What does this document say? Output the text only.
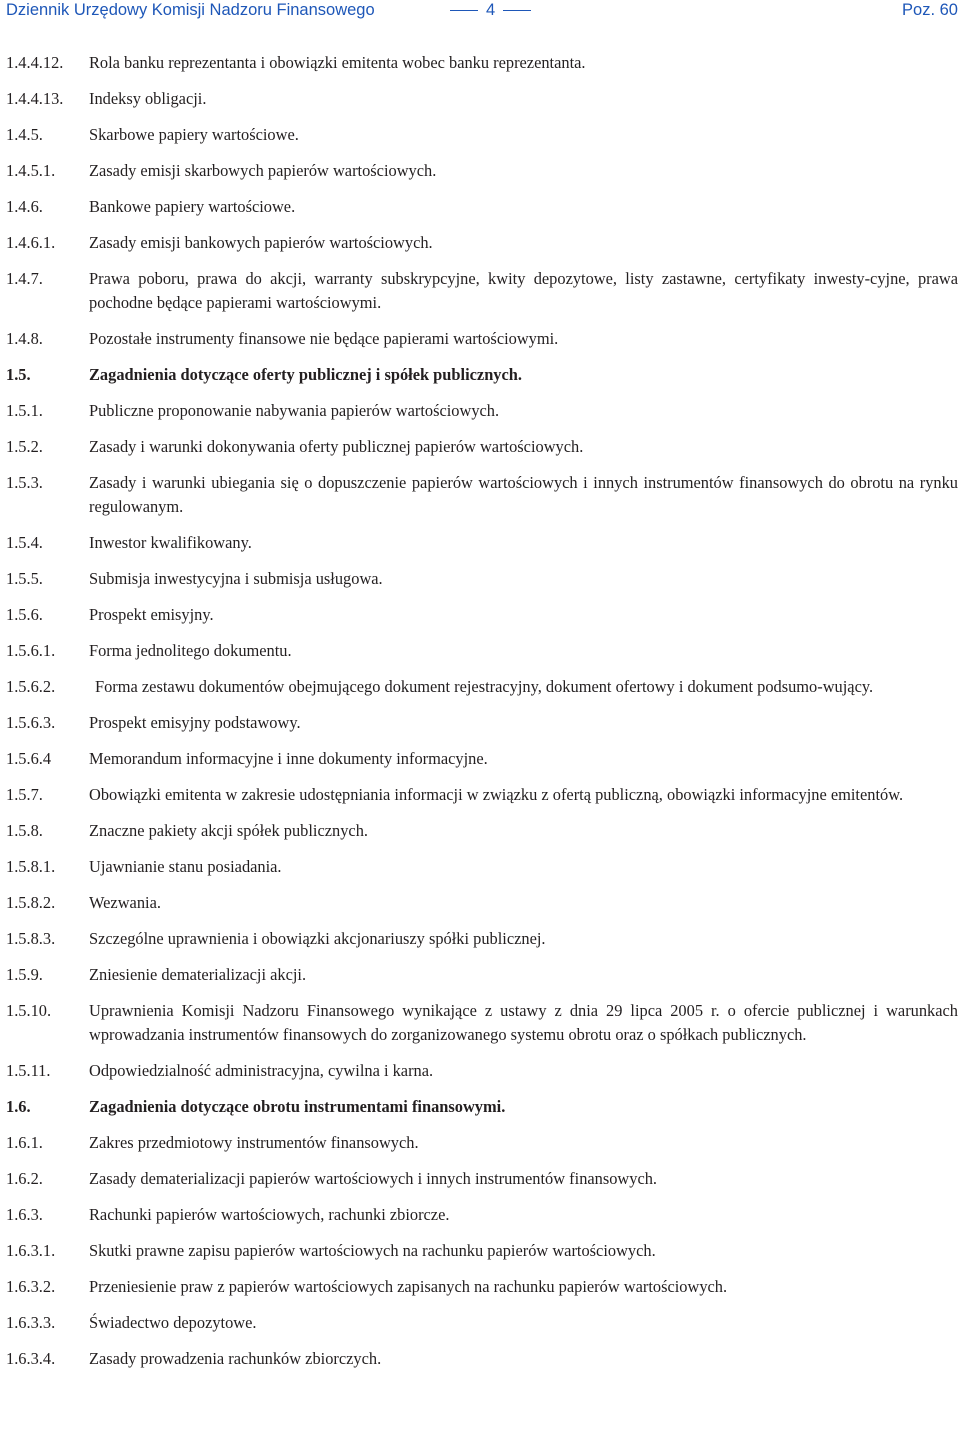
Dziennik Urzędowy Komisji Nadzoru Finansowego	4	Poz. 60
1.4.4.12. Rola banku reprezentanta i obowiązki emitenta wobec banku reprezentanta.
1.4.4.13. Indeksy obligacji.
1.4.5.	Skarbowe papiery wartościowe.
1.4.5.1. Zasady emisji skarbowych papierów wartościowych.
1.4.6.	Bankowe papiery wartościowe.
1.4.6.1. Zasady emisji bankowych papierów wartościowych.
1.4.7.	Prawa poboru, prawa do akcji, warranty subskrypcyjne, kwity depozytowe, listy zastawne, certyfikaty inwesty-cyjne, prawa pochodne będące papierami wartościowymi.
1.4.8.	Pozostałe instrumenty finansowe nie będące papierami wartościowymi.
1.5.	Zagadnienia dotyczące oferty publicznej i spółek publicznych.
1.5.1.	Publiczne proponowanie nabywania papierów wartościowych.
1.5.2.	Zasady i warunki dokonywania oferty publicznej papierów wartościowych.
1.5.3.	Zasady i warunki ubiegania się o dopuszczenie papierów wartościowych i innych instrumentów finansowych do obrotu na rynku regulowanym.
1.5.4.	Inwestor kwalifikowany.
1.5.5.	Submisja inwestycyjna i submisja usługowa.
1.5.6.	Prospekt emisyjny.
1.5.6.1. Forma jednolitego dokumentu.
1.5.6.2. Forma zestawu dokumentów obejmującego dokument rejestracyjny, dokument ofertowy i dokument podsumo-wujący.
1.5.6.3. Prospekt emisyjny podstawowy.
1.5.6.4 Memorandum informacyjne i inne dokumenty informacyjne.
1.5.7.	Obowiązki emitenta w zakresie udostępniania informacji w związku z ofertą publiczną, obowiązki informacyjne emitentów.
1.5.8.	Znaczne pakiety akcji spółek publicznych.
1.5.8.1. Ujawnianie stanu posiadania.
1.5.8.2. Wezwania.
1.5.8.3. Szczególne uprawnienia i obowiązki akcjonariuszy spółki publicznej.
1.5.9.	Zniesienie dematerializacji akcji.
1.5.10. Uprawnienia Komisji Nadzoru Finansowego wynikające z ustawy z dnia 29 lipca 2005 r. o ofercie publicznej i warunkach wprowadzania instrumentów finansowych do zorganizowanego systemu obrotu oraz o spółkach publicznych.
1.5.11. Odpowiedzialność administracyjna, cywilna i karna.
1.6.	Zagadnienia dotyczące obrotu instrumentami finansowymi.
1.6.1.	Zakres przedmiotowy instrumentów finansowych.
1.6.2.	Zasady dematerializacji papierów wartościowych i innych instrumentów finansowych.
1.6.3.	Rachunki papierów wartościowych, rachunki zbiorcze.
1.6.3.1. Skutki prawne zapisu papierów wartościowych na rachunku papierów wartościowych.
1.6.3.2. Przeniesienie praw z papierów wartościowych zapisanych na rachunku papierów wartościowych.
1.6.3.3. Świadectwo depozytowe.
1.6.3.4. Zasady prowadzenia rachunków zbiorczych.
